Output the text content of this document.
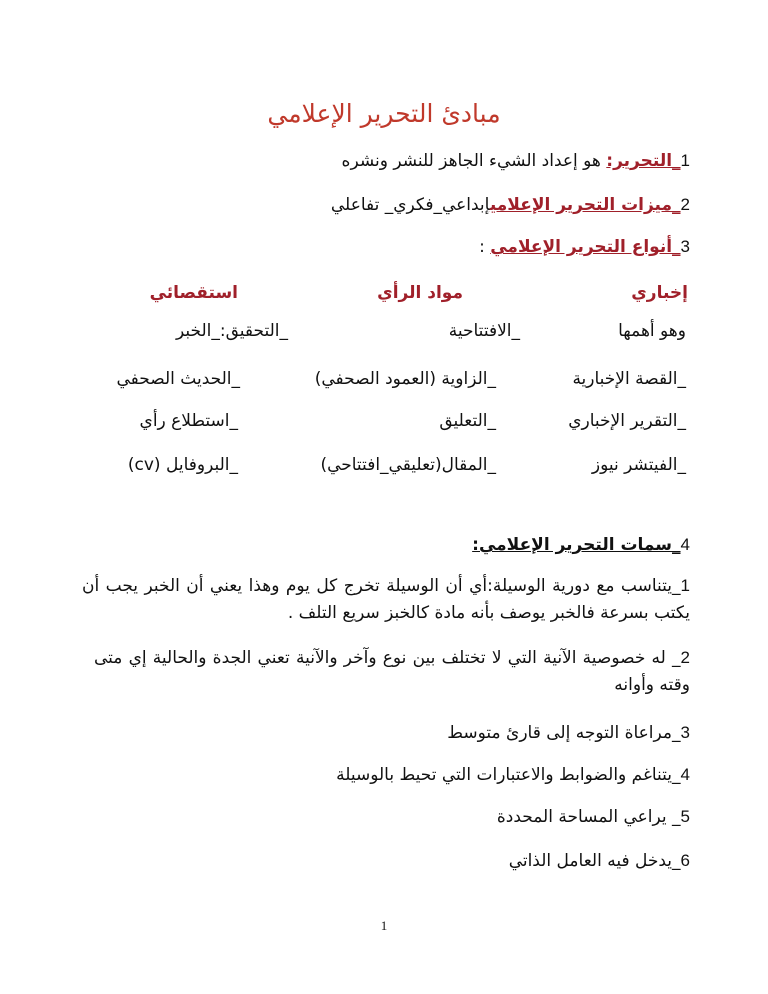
مبادئ التحرير الإعلامي
1_التحرير: هو إعداد الشيء الجاهز للنشر ونشره
2_ميزات التحرير الإعلاميإبداعي_فكري_ تفاعلي
3_أنواع التحرير الإعلامي :
إخباري
مواد الرأي
استقصائي
وهو أهمها
_الافتتاحية
_التحقيق:_الخبر
_القصة الإخبارية
_الزاوية (العمود الصحفي)
_الحديث الصحفي
_التقرير الإخباري
_التعليق
_استطلاع رأي
_الفيتشر نيوز
_المقال(تعليقي_افتتاحي)
_البروفايل (cv)
4_سمات التحرير الإعلامي:
1_يتناسب مع دورية الوسيلة:أي أن الوسيلة تخرج كل يوم وهذا يعني أن الخبر يجب أن يكتب بسرعة فالخبر يوصف بأنه مادة كالخبز سريع التلف .
2_ له خصوصية الآنية التي لا تختلف بين نوع وآخر والآنية تعني الجدة والحالية إي متى وقته وأوانه
3_مراعاة التوجه إلى قارئ متوسط
4_يتناغم والضوابط والاعتبارات التي تحيط بالوسيلة
5_ يراعي المساحة المحددة
6_يدخل فيه العامل الذاتي
1
